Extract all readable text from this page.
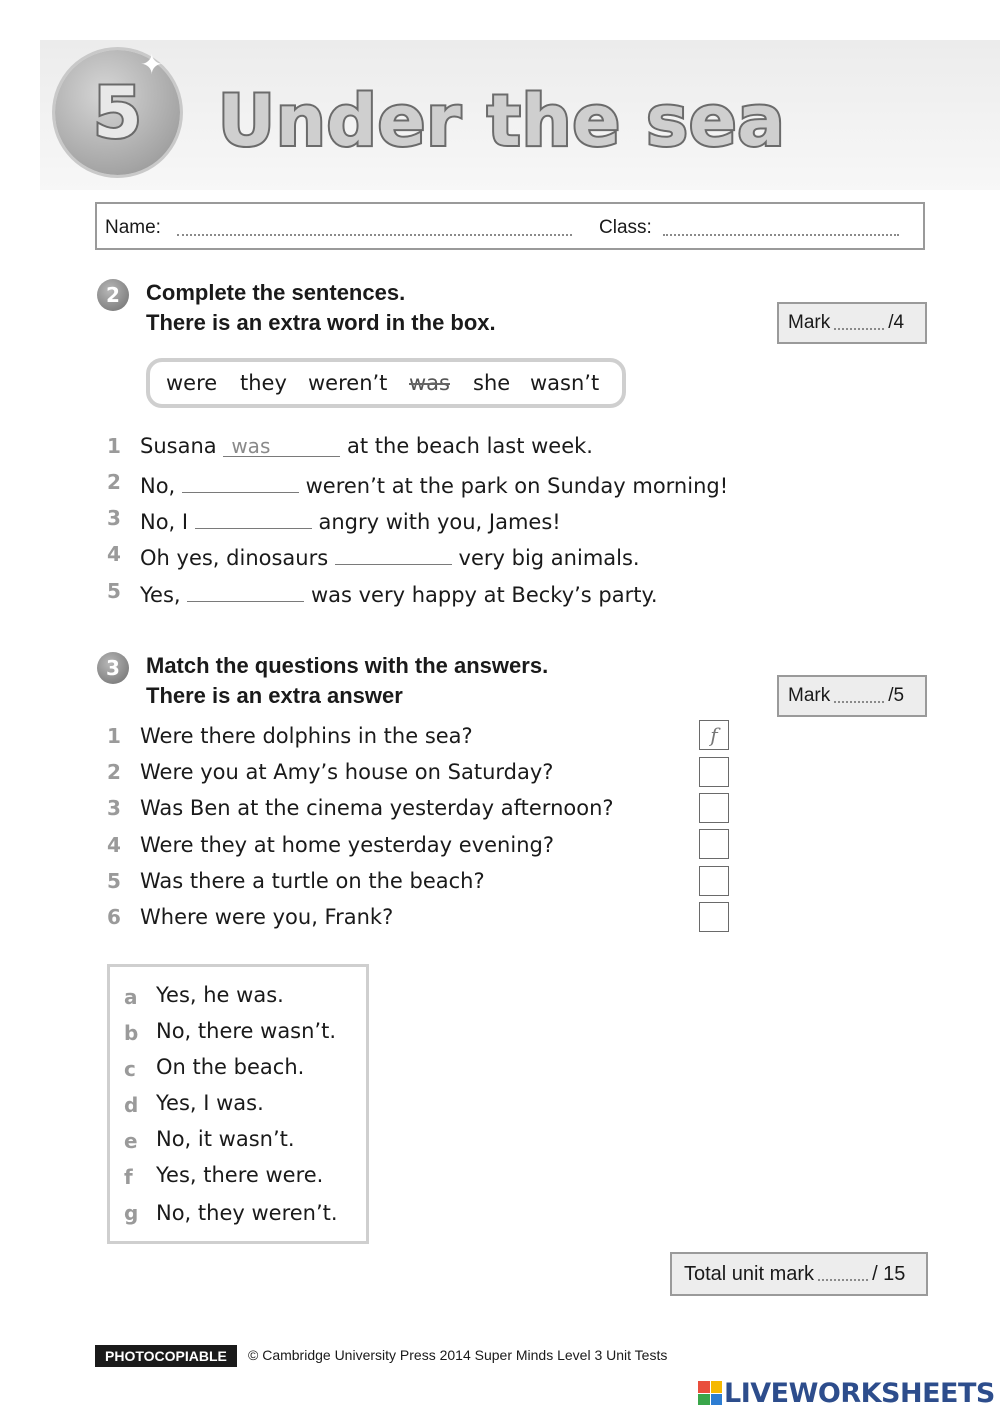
5
✦
Under the sea
Name:	Class:
2	Complete the sentences.
There is an extra word in the box.	Mark	/4
were they weren’t was she wasn’t
1 Susana was	at the beach last week.
2 No,	weren’t at the park on Sunday morning!
3 No, I	angry with you, James!
4 Oh yes, dinosaurs	very big animals.
5 Yes,	was very happy at Becky’s party.
3	Match the questions with the answers.
There is an extra answer	Mark	/5
1 Were there dolphins in the sea?	f
2 Were you at Amy’s house on Saturday?
3 Was Ben at the cinema yesterday afternoon?
4 Were they at home yesterday evening?
5 Was there a turtle on the beach?
6 Where were you, Frank?
a Yes, he was.
b No, there wasn’t.
c On the beach.
d Yes, I was.
e No, it wasn’t.
f Yes, there were.
g No, they weren’t.
Total unit mark	/ 15
PHOTOCOPIABLE	© Cambridge University Press 2014 Super Minds Level 3 Unit Tests
LIVEWORKSHEETS
